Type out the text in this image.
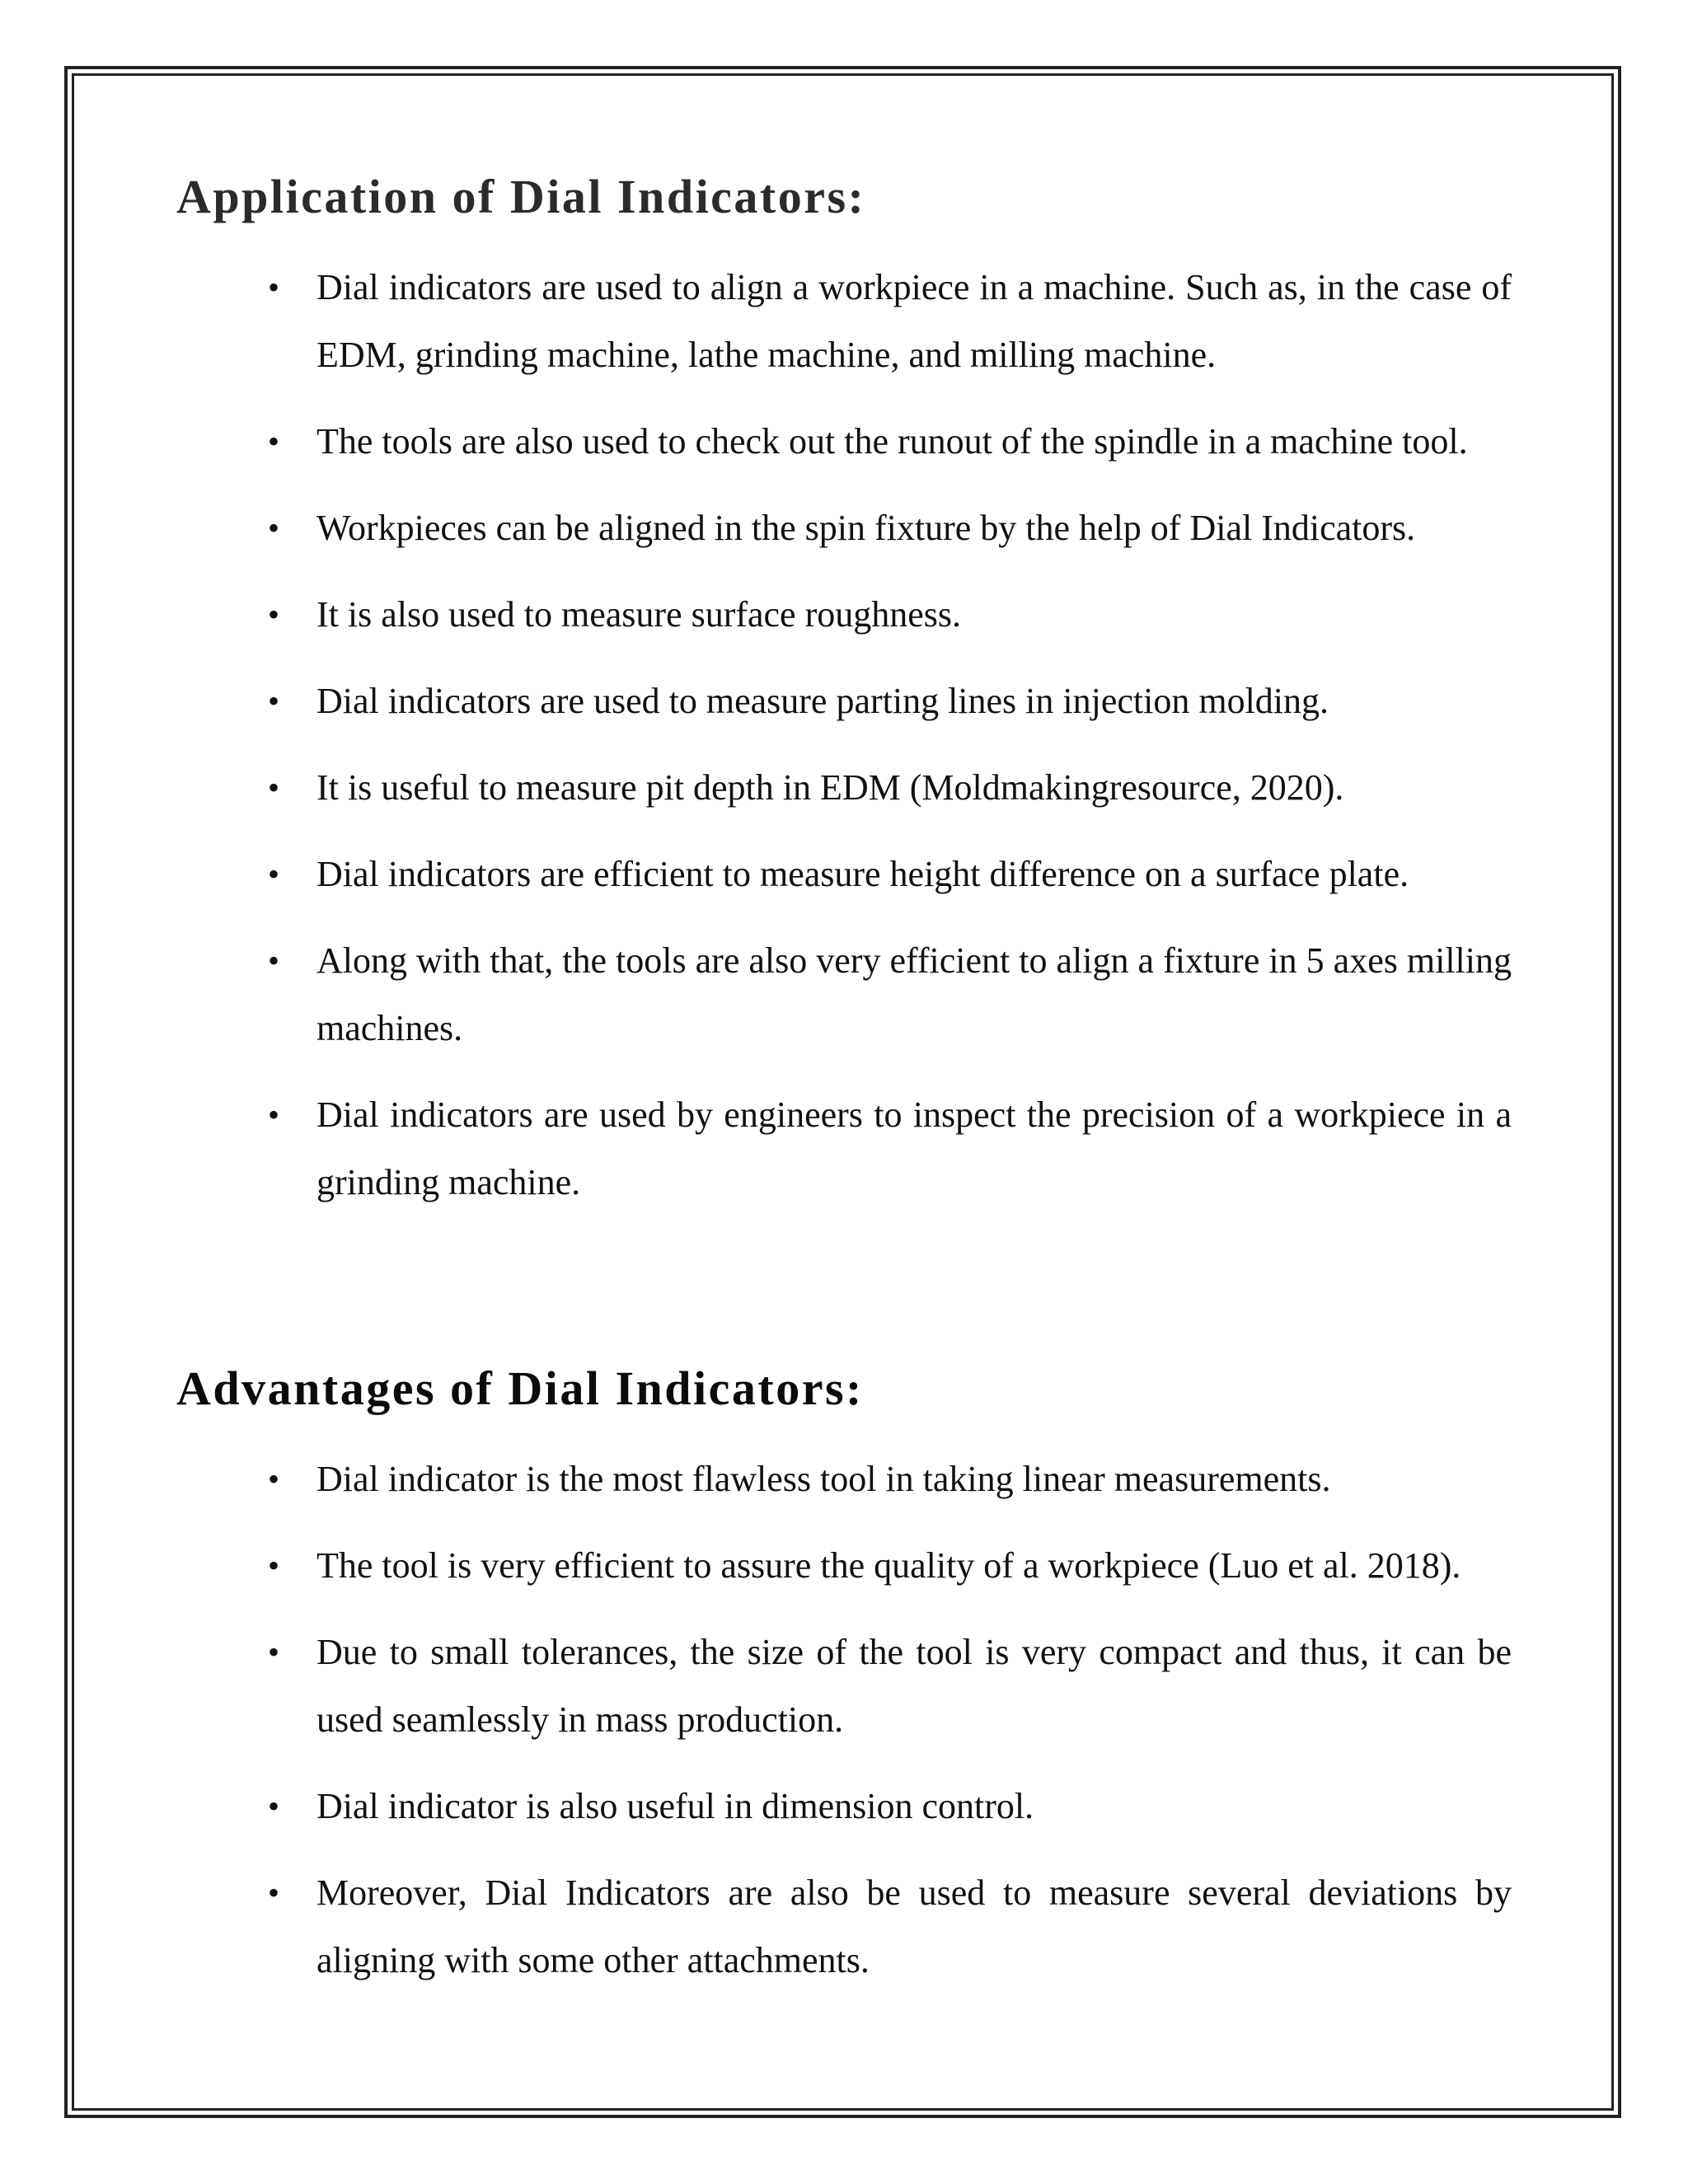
Application of Dial Indicators:
• Dial indicators are used to align a workpiece in a machine. Such as, in the case of EDM, grinding machine, lathe machine, and milling machine.
• The tools are also used to check out the runout of the spindle in a machine tool.
• Workpieces can be aligned in the spin fixture by the help of Dial Indicators.
• It is also used to measure surface roughness.
• Dial indicators are used to measure parting lines in injection molding.
• It is useful to measure pit depth in EDM (Moldmakingresource, 2020).
• Dial indicators are efficient to measure height difference on a surface plate.
• Along with that, the tools are also very efficient to align a fixture in 5 axes milling machines.
• Dial indicators are used by engineers to inspect the precision of a workpiece in a grinding machine.
Advantages of Dial Indicators:
• Dial indicator is the most flawless tool in taking linear measurements.
• The tool is very efficient to assure the quality of a workpiece (Luo et al. 2018).
• Due to small tolerances, the size of the tool is very compact and thus, it can be used seamlessly in mass production.
• Dial indicator is also useful in dimension control.
• Moreover, Dial Indicators are also be used to measure several deviations by aligning with some other attachments.
